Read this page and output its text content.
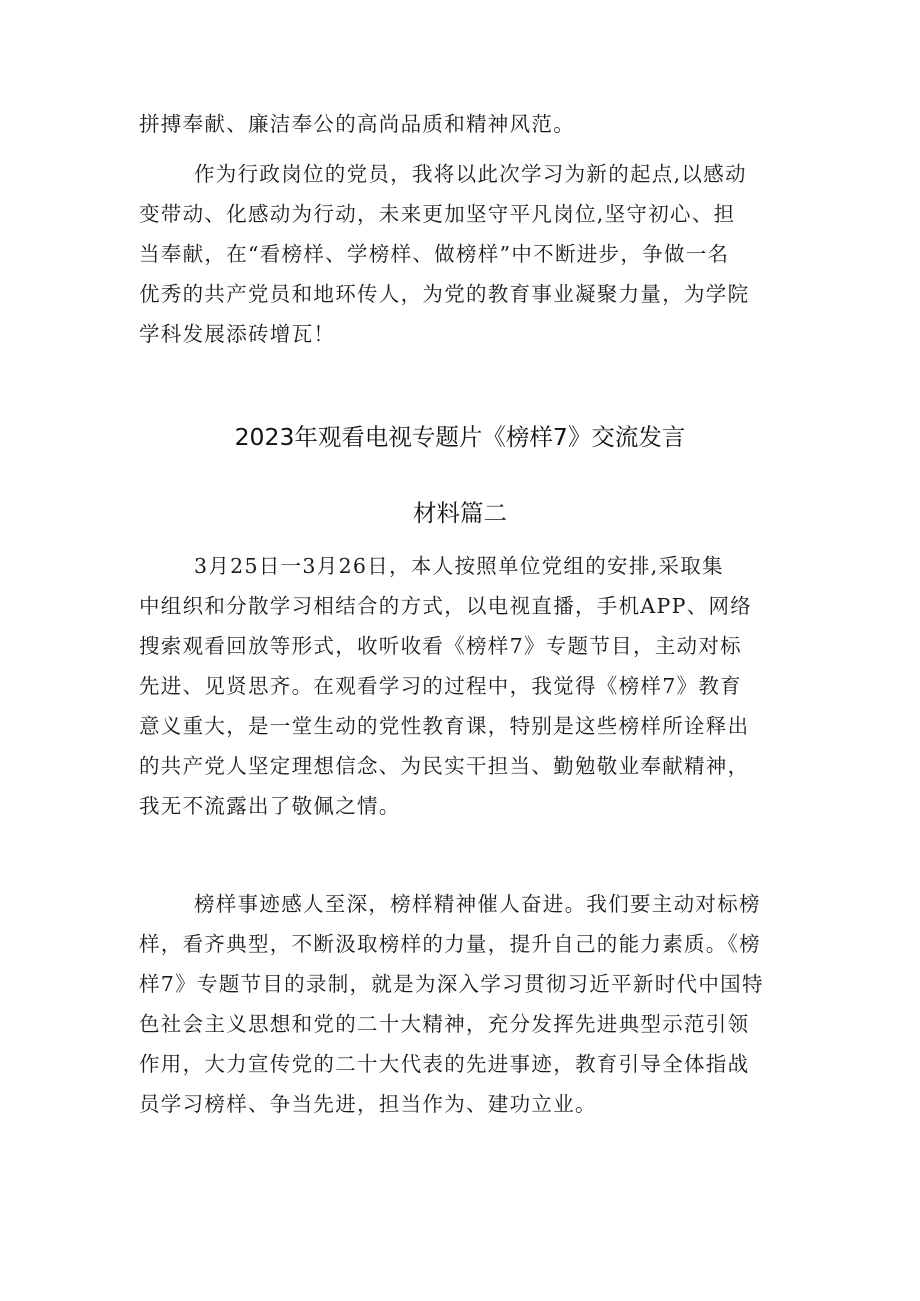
拼搏奉献、廉洁奉公的高尚品质和精神风范。
作为行政岗位的党员，我将以此次学习为新的起点,以感动
变带动、化感动为行动，未来更加坚守平凡岗位,坚守初心、担
当奉献，在“看榜样、学榜样、做榜样”中不断进步，争做一名
优秀的共产党员和地环传人，为党的教育事业凝聚力量，为学院
学科发展添砖增瓦！
2023年观看电视专题片《榜样7》交流发言
材料篇二
3月25日一3月26日，本人按照单位党组的安排,采取集
中组织和分散学习相结合的方式，以电视直播，手机APP、网络
搜索观看回放等形式，收听收看《榜样7》专题节目，主动对标
先进、见贤思齐。在观看学习的过程中，我觉得《榜样7》教育
意义重大，是一堂生动的党性教育课，特别是这些榜样所诠释出
的共产党人坚定理想信念、为民实干担当、勤勉敬业奉献精神，
我无不流露出了敬佩之情。
榜样事迹感人至深，榜样精神催人奋进。我们要主动对标榜
样，看齐典型，不断汲取榜样的力量，提升自己的能力素质。《榜
样7》专题节目的录制，就是为深入学习贯彻习近平新时代中国特
色社会主义思想和党的二十大精神，充分发挥先进典型示范引领
作用，大力宣传党的二十大代表的先进事迹，教育引导全体指战
员学习榜样、争当先进，担当作为、建功立业。
